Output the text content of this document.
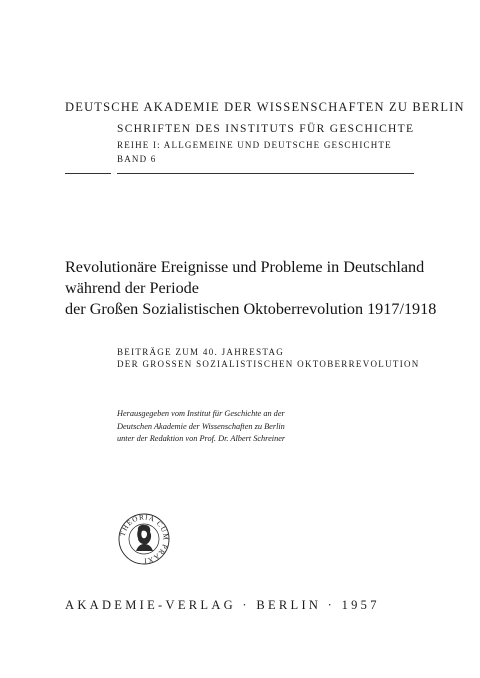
DEUTSCHE AKADEMIE DER WISSENSCHAFTEN ZU BERLIN
SCHRIFTEN DES INSTITUTS FÜR GESCHICHTE
REIHE I: ALLGEMEINE UND DEUTSCHE GESCHICHTE
BAND 6
Revolutionäre Ereignisse und Probleme in Deutschland
während der Periode
der Großen Sozialistischen Oktoberrevolution 1917/1918
BEITRÄGE ZUM 40. JAHRESTAG
DER GROSSEN SOZIALISTISCHEN OKTOBERREVOLUTION
Herausgegeben vom Institut für Geschichte an der
Deutschen Akademie der Wissenschaften zu Berlin
unter der Redaktion von Prof. Dr. Albert Schreiner
THEORIA CUM PRAXI
AKADEMIE-VERLAG · BERLIN · 1957
